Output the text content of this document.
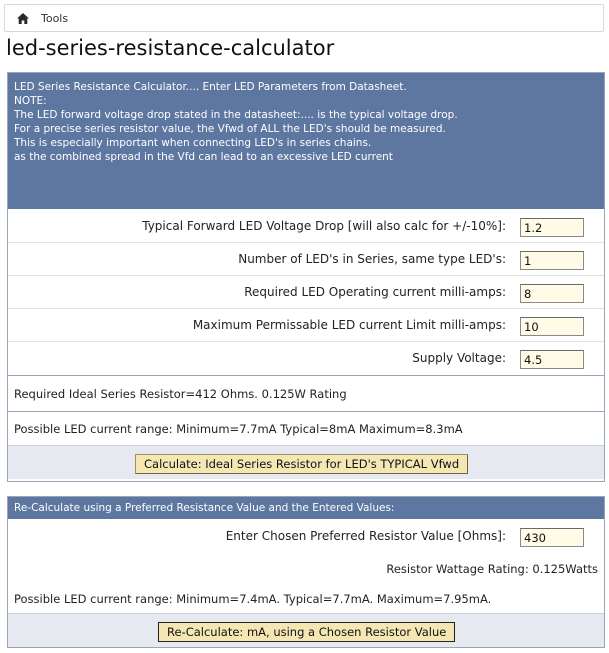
Tools
led-series-resistance-calculator
LED Series Resistance Calculator.... Enter LED Parameters from Datasheet.
NOTE:
The LED forward voltage drop stated in the datasheet:.... is the typical voltage drop.
For a precise series resistor value, the Vfwd of ALL the LED's should be measured.
This is especially important when connecting LED's in series chains.
as the combined spread in the Vfd can lead to an excessive LED current
Typical Forward LED Voltage Drop [will also calc for +/-10%]:
1.2
Number of LED's in Series, same type LED's:
1
Required LED Operating current milli-amps:
8
Maximum Permissable LED current Limit milli-amps:
10
Supply Voltage:
4.5
Required Ideal Series Resistor=412 Ohms. 0.125W Rating
Possible LED current range: Minimum=7.7mA Typical=8mA Maximum=8.3mA
Calculate: Ideal Series Resistor for LED's TYPICAL Vfwd
Re-Calculate using a Preferred Resistance Value and the Entered Values:
Enter Chosen Preferred Resistor Value [Ohms]:
430
Resistor Wattage Rating: 0.125Watts
Possible LED current range: Minimum=7.4mA. Typical=7.7mA. Maximum=7.95mA.
Re-Calculate: mA, using a Chosen Resistor Value
